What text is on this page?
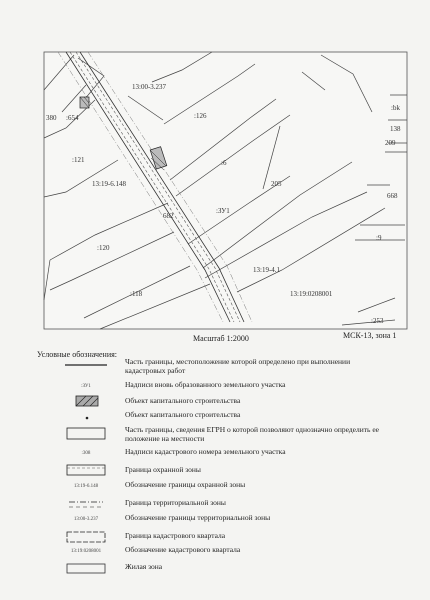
13:00-3.237
380 :654	:126
:121	:6
205
13:19-6.148
:ЗУ1
682
:120
13:19-4.1
:118	13:19:0208001
:9
:253
:bk
138
209
668
Масштаб 1:2000	МСК-13, зона 1
Условные обозначения:
Часть границы, местоположение которой определено при выполнении кадастровых работ
:ЗУ1	Надписи вновь образованного земельного участка
Объект капитального строительства
Объект капитального строительства
Часть границы, сведения ЕГРН о которой позволяют однозначно определить ее положение на местности
:308	Надписи кадастрового номера земельного участка
Граница охранной зоны
13:19-6.148	Обозначение границы охранной зоны
Граница территориальной зоны
13:00-3.237	Обозначение границы территориальной зоны
Граница кадастрового квартала
13:19:0208001	Обозначение кадастрового квартала
Жилая зона
